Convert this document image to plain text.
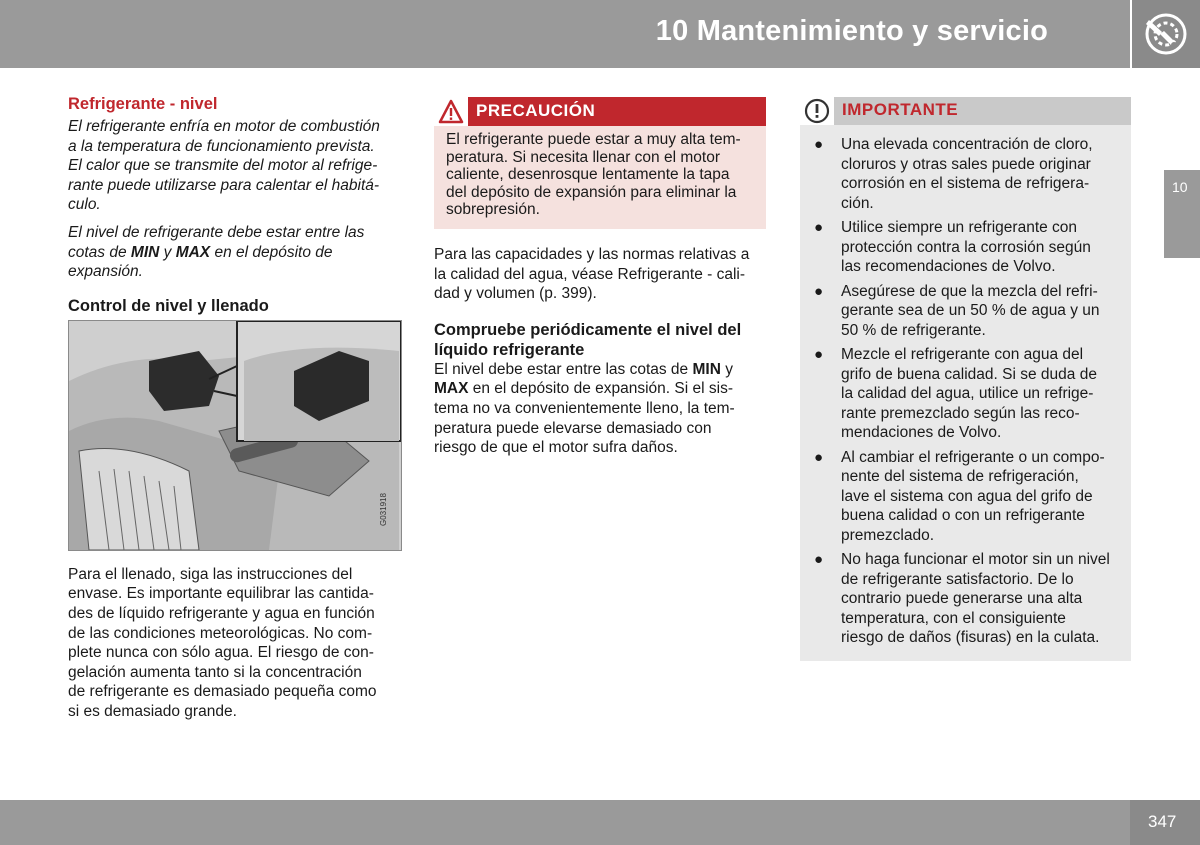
10 Mantenimiento y servicio
10
Refrigerante - nivel
El refrigerante enfría en motor de combustión
a la temperatura de funcionamiento prevista.
El calor que se transmite del motor al refrige-
rante puede utilizarse para calentar el habitá-
culo.
El nivel de refrigerante debe estar entre las
cotas de MIN y MAX en el depósito de
expansión.
Control de nivel y llenado
G031918
Para el llenado, siga las instrucciones del
envase. Es importante equilibrar las cantida-
des de líquido refrigerante y agua en función
de las condiciones meteorológicas. No com-
plete nunca con sólo agua. El riesgo de con-
gelación aumenta tanto si la concentración
de refrigerante es demasiado pequeña como
si es demasiado grande.
PRECAUCIÓN
El refrigerante puede estar a muy alta tem-
peratura. Si necesita llenar con el motor
caliente, desenrosque lentamente la tapa
del depósito de expansión para eliminar la
sobrepresión.
Para las capacidades y las normas relativas a
la calidad del agua, véase Refrigerante - cali-
dad y volumen (p. 399).
Compruebe periódicamente el nivel del
líquido refrigerante
El nivel debe estar entre las cotas de MIN y
MAX en el depósito de expansión. Si el sis-
tema no va convenientemente lleno, la tem-
peratura puede elevarse demasiado con
riesgo de que el motor sufra daños.
IMPORTANTE
● Una elevada concentración de cloro,
cloruros y otras sales puede originar
corrosión en el sistema de refrigera-
ción.
● Utilice siempre un refrigerante con
protección contra la corrosión según
las recomendaciones de Volvo.
● Asegúrese de que la mezcla del refri-
gerante sea de un 50 % de agua y un
50 % de refrigerante.
● Mezcle el refrigerante con agua del
grifo de buena calidad. Si se duda de
la calidad del agua, utilice un refrige-
rante premezclado según las reco-
mendaciones de Volvo.
● Al cambiar el refrigerante o un compo-
nente del sistema de refrigeración,
lave el sistema con agua del grifo de
buena calidad o con un refrigerante
premezclado.
● No haga funcionar el motor sin un nivel
de refrigerante satisfactorio. De lo
contrario puede generarse una alta
temperatura, con el consiguiente
riesgo de daños (fisuras) en la culata.
347
